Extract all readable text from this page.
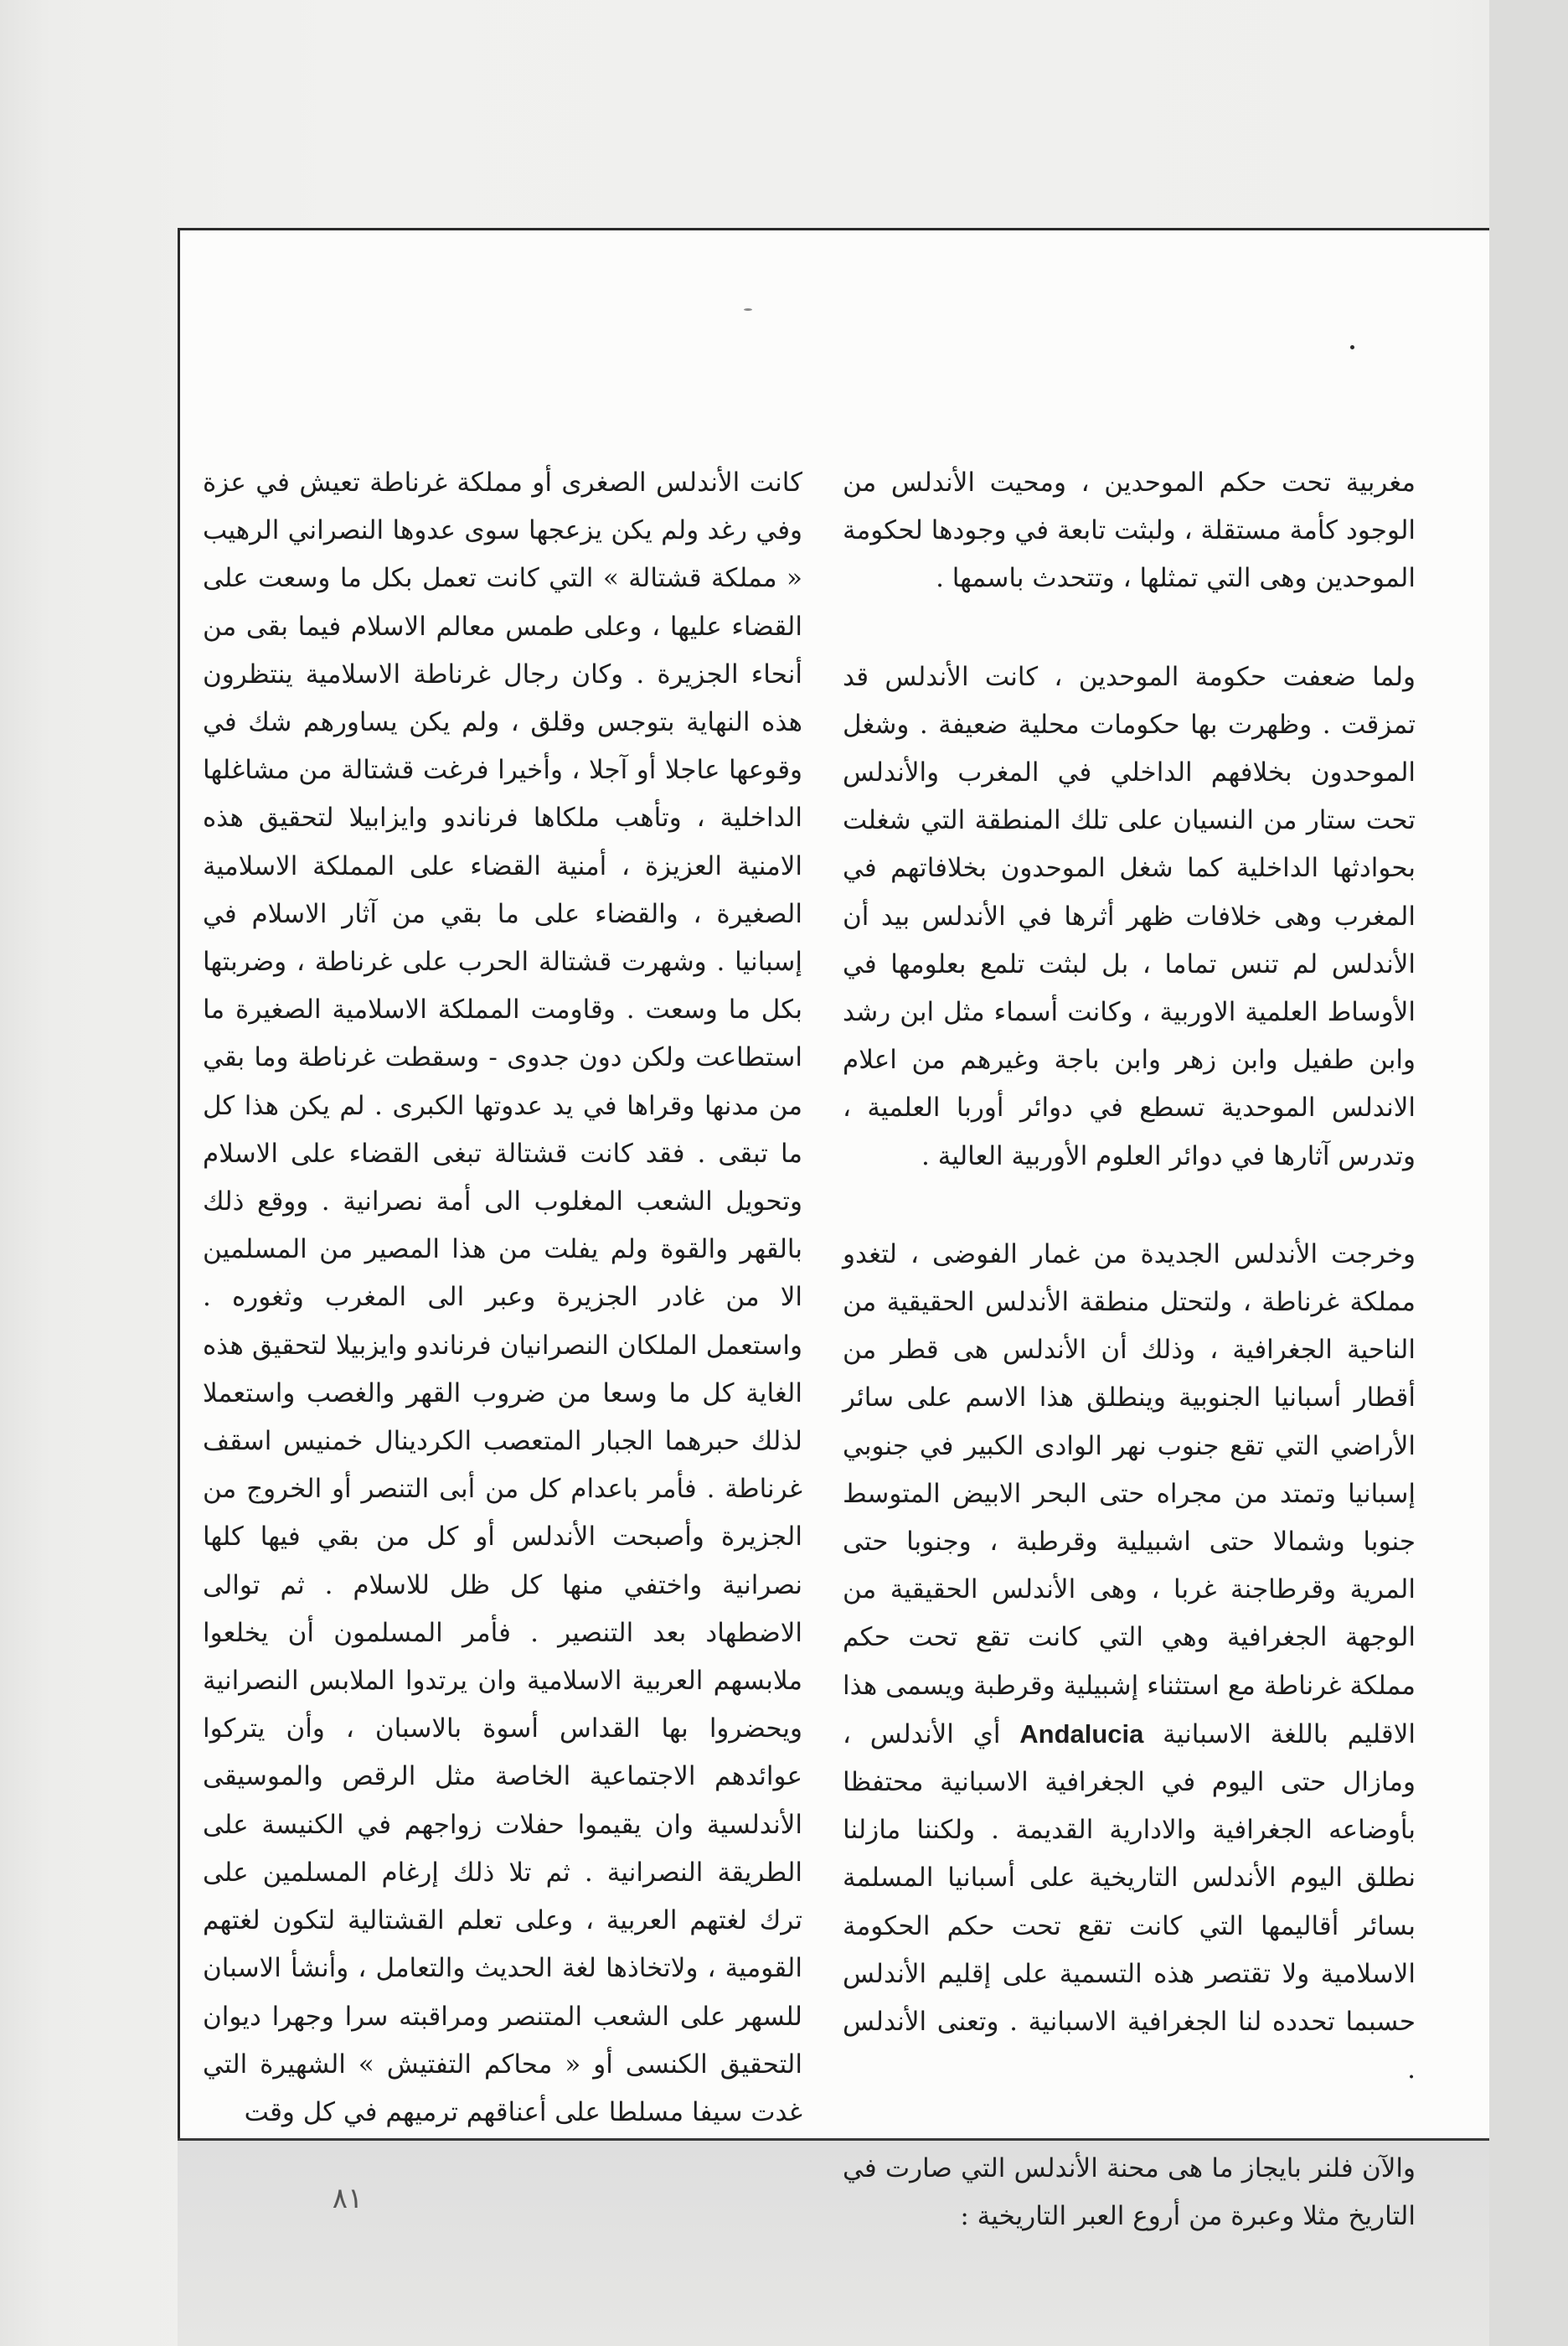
مغربية تحت حكم الموحدين ، ومحيت الأندلس من الوجود كأمة مستقلة ، ولبثت تابعة في وجودها لحكومة الموحدين وهى التي تمثلها ، وتتحدث باسمها .

ولما ضعفت حكومة الموحدين ، كانت الأندلس قد تمزقت . وظهرت بها حكومات محلية ضعيفة . وشغل الموحدون بخلافهم الداخلي في المغرب والأندلس تحت ستار من النسيان على تلك المنطقة التي شغلت بحوادثها الداخلية كما شغل الموحدون بخلافاتهم في المغرب وهى خلافات ظهر أثرها في الأندلس بيد أن الأندلس لم تنس تماما ، بل لبثت تلمع بعلومها في الأوساط العلمية الاوربية ، وكانت أسماء مثل ابن رشد وابن طفيل وابن زهر وابن باجة وغيرهم من اعلام الاندلس الموحدية تسطع في دوائر أوربا العلمية ، وتدرس آثارها في دوائر العلوم الأوربية العالية .

وخرجت الأندلس الجديدة من غمار الفوضى ، لتغدو مملكة غرناطة ، ولتحتل منطقة الأندلس الحقيقية من الناحية الجغرافية ، وذلك أن الأندلس هى قطر من أقطار أسبانيا الجنوبية وينطلق هذا الاسم على سائر الأراضي التي تقع جنوب نهر الوادى الكبير في جنوبي إسبانيا وتمتد من مجراه حتى البحر الابيض المتوسط جنوبا وشمالا حتى اشبيلية وقرطبة ، وجنوبا حتى المرية وقرطاجنة غربا ، وهى الأندلس الحقيقية من الوجهة الجغرافية وهي التي كانت تقع تحت حكم مملكة غرناطة مع استثناء إشبيلية وقرطبة ويسمى هذا الاقليم باللغة الاسبانية Andalucia أي الأندلس ، ومازال حتى اليوم في الجغرافية الاسبانية محتفظا بأوضاعه الجغرافية والادارية القديمة . ولكننا مازلنا نطلق اليوم الأندلس التاريخية على أسبانيا المسلمة بسائر أقاليمها التي كانت تقع تحت حكم الحكومة الاسلامية ولا تقتصر هذه التسمية على إقليم الأندلس حسبما تحدده لنا الجغرافية الاسبانية . وتعنى الأندلس .

والآن فلنر بايجاز ما هى محنة الأندلس التي صارت في التاريخ مثلا وعبرة من أروع العبر التاريخية :

كانت الأندلس الصغرى أو مملكة غرناطة تعيش في عزة وفي رغد ولم يكن يزعجها سوى عدوها النصراني الرهيب « مملكة قشتالة » التي كانت تعمل بكل ما وسعت على القضاء عليها ، وعلى طمس معالم الاسلام فيما بقى من أنحاء الجزيرة . وكان رجال غرناطة الاسلامية ينتظرون هذه النهاية بتوجس وقلق ، ولم يكن يساورهم شك في وقوعها عاجلا أو آجلا ، وأخيرا فرغت قشتالة من مشاغلها الداخلية ، وتأهب ملكاها فرناندو وايزابيلا لتحقيق هذه الامنية العزيزة ، أمنية القضاء على المملكة الاسلامية الصغيرة ، والقضاء على ما بقي من آثار الاسلام في إسبانيا . وشهرت قشتالة الحرب على غرناطة ، وضربتها بكل ما وسعت . وقاومت المملكة الاسلامية الصغيرة ما استطاعت ولكن دون جدوى - وسقطت غرناطة وما بقي من مدنها وقراها في يد عدوتها الكبرى . لم يكن هذا كل ما تبقى . فقد كانت قشتالة تبغى القضاء على الاسلام وتحويل الشعب المغلوب الى أمة نصرانية . ووقع ذلك بالقهر والقوة ولم يفلت من هذا المصير من المسلمين الا من غادر الجزيرة وعبر الى المغرب وثغوره . واستعمل الملكان النصرانيان فرناندو وايزبيلا لتحقيق هذه الغاية كل ما وسعا من ضروب القهر والغصب واستعملا لذلك حبرهما الجبار المتعصب الكردينال خمنيس اسقف غرناطة . فأمر باعدام كل من أبى التنصر أو الخروج من الجزيرة وأصبحت الأندلس أو كل من بقي فيها كلها نصرانية واختفي منها كل ظل للاسلام . ثم توالى الاضطهاد بعد التنصير . فأمر المسلمون أن يخلعوا ملابسهم العربية الاسلامية وان يرتدوا الملابس النصرانية ويحضروا بها القداس أسوة بالاسبان ، وأن يتركوا عوائدهم الاجتماعية الخاصة مثل الرقص والموسيقى الأندلسية وان يقيموا حفلات زواجهم في الكنيسة على الطريقة النصرانية . ثم تلا ذلك إرغام المسلمين على ترك لغتهم العربية ، وعلى تعلم القشتالية لتكون لغتهم القومية ، ولاتخاذها لغة الحديث والتعامل ، وأنشأ الاسبان للسهر على الشعب المتنصر ومراقبته سرا وجهرا ديوان التحقيق الكنسى أو « محاكم التفتيش » الشهيرة التي غدت سيفا مسلطا على أعناقهم ترميهم في كل وقت

٨١
